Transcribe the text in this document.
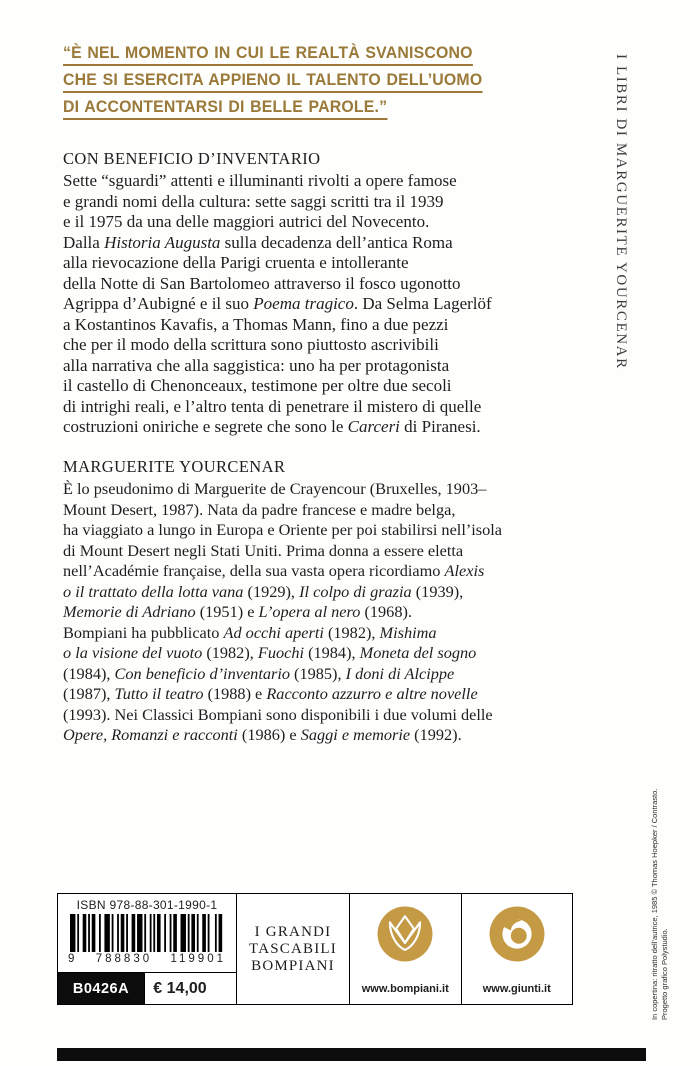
“È NEL MOMENTO IN CUI LE REALTÀ SVANISCONO
CHE SI ESERCITA APPIENO IL TALENTO DELL’UOMO
DI ACCONTENTARSI DI BELLE PAROLE.”	I LIBRI DI MARGUERITE YOURCENAR
CON BENEFICIO D’INVENTARIO
Sette “sguardi” attenti e illuminanti rivolti a opere famose
e grandi nomi della cultura: sette saggi scritti tra il 1939
e il 1975 da una delle maggiori autrici del Novecento.
Dalla Historia Augusta sulla decadenza dell’antica Roma
alla rievocazione della Parigi cruenta e intollerante
della Notte di San Bartolomeo attraverso il fosco ugonotto
Agrippa d’Aubigné e il suo Poema tragico. Da Selma Lagerlöf
a Kostantinos Kavafis, a Thomas Mann, fino a due pezzi
che per il modo della scrittura sono piuttosto ascrivibili
alla narrativa che alla saggistica: uno ha per protagonista
il castello di Chenonceaux, testimone per oltre due secoli
di intrighi reali, e l’altro tenta di penetrare il mistero di quelle
costruzioni oniriche e segrete che sono le Carceri di Piranesi.
MARGUERITE YOURCENAR
È lo pseudonimo di Marguerite de Crayencour (Bruxelles, 1903–
Mount Desert, 1987). Nata da padre francese e madre belga,
ha viaggiato a lungo in Europa e Oriente per poi stabilirsi nell’isola
di Mount Desert negli Stati Uniti. Prima donna a essere eletta
nell’Académie française, della sua vasta opera ricordiamo Alexis
o il trattato della lotta vana (1929), Il colpo di grazia (1939),
Memorie di Adriano (1951) e L’opera al nero (1968).
Bompiani ha pubblicato Ad occhi aperti (1982), Mishima
o la visione del vuoto (1982), Fuochi (1984), Moneta del sogno
(1984), Con beneficio d’inventario (1985), I doni di Alcippe
(1987), Tutto il teatro (1988) e Racconto azzurro e altre novelle
(1993). Nei Classici Bompiani sono disponibili i due volumi delle
Opere, Romanzi e racconti (1986) e Saggi e memorie (1992).
ISBN 978-88-301-1990-1
9 788830 119901
B0426A	€ 14,00
I GRANDI
TASCABILI
BOMPIANI
www.bompiani.it	www.giunti.it	In copertina: ritratto dell’autrice, 1985 © Thomas Hoepker / Contrasto. Progetto grafico Polystudio.
